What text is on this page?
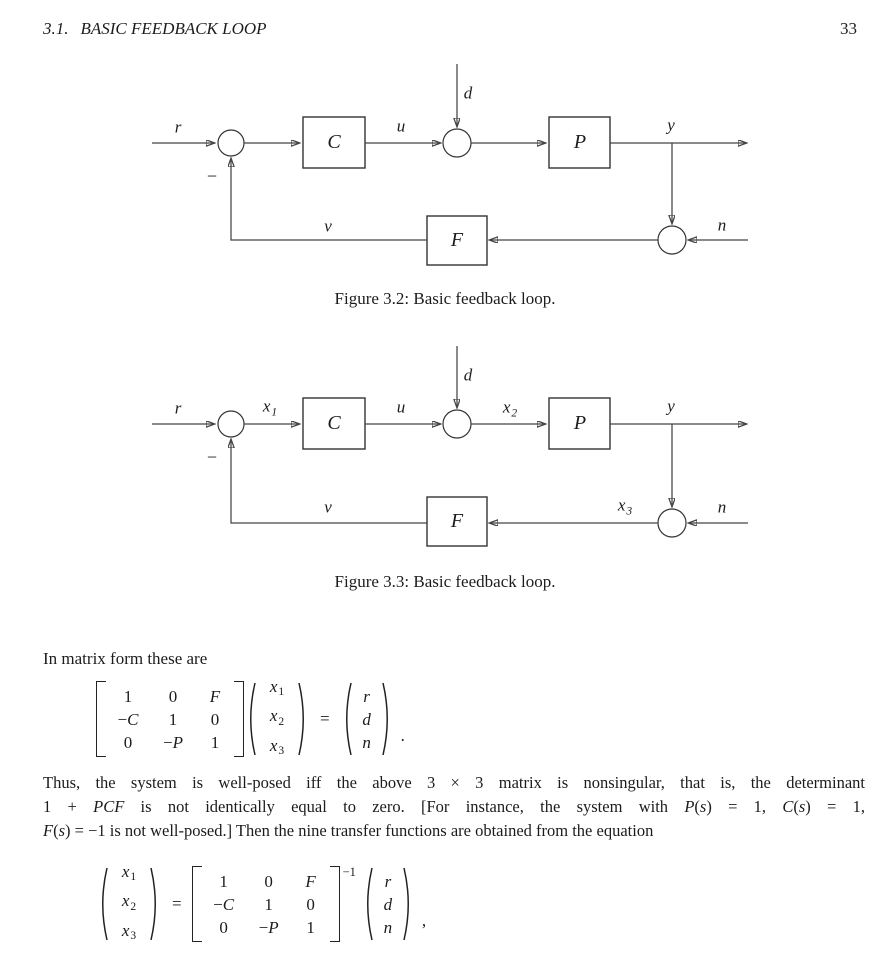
3.1. BASIC FEEDBACK LOOP	33
r
C
u
d
P
y
n
v
F
−
Figure 3.2: Basic feedback loop.
r	$x_1$	C
u
d
$x_2$	P
y
$x_3$	n
v
F
−
Figure 3.3: Basic feedback loop.
In matrix form these are
1	0	F
−C	1	0
0	−P	1
$x_1$
$x_2$
$x_3$
=
r
d
n	.
Thus, the system is well-posed iff the above 3 × 3 matrix is nonsingular, that is, the determinant
1 + PCF is not identically equal to zero. [For instance, the system with P(s) = 1, C(s) = 1,
F(s) = −1 is not well-posed.] Then the nine transfer functions are obtained from the equation
$x_1$
$x_2$
$x_3$
=
1	0	F
−C	1	0
0	−P	1
−1	r
d
n	,
